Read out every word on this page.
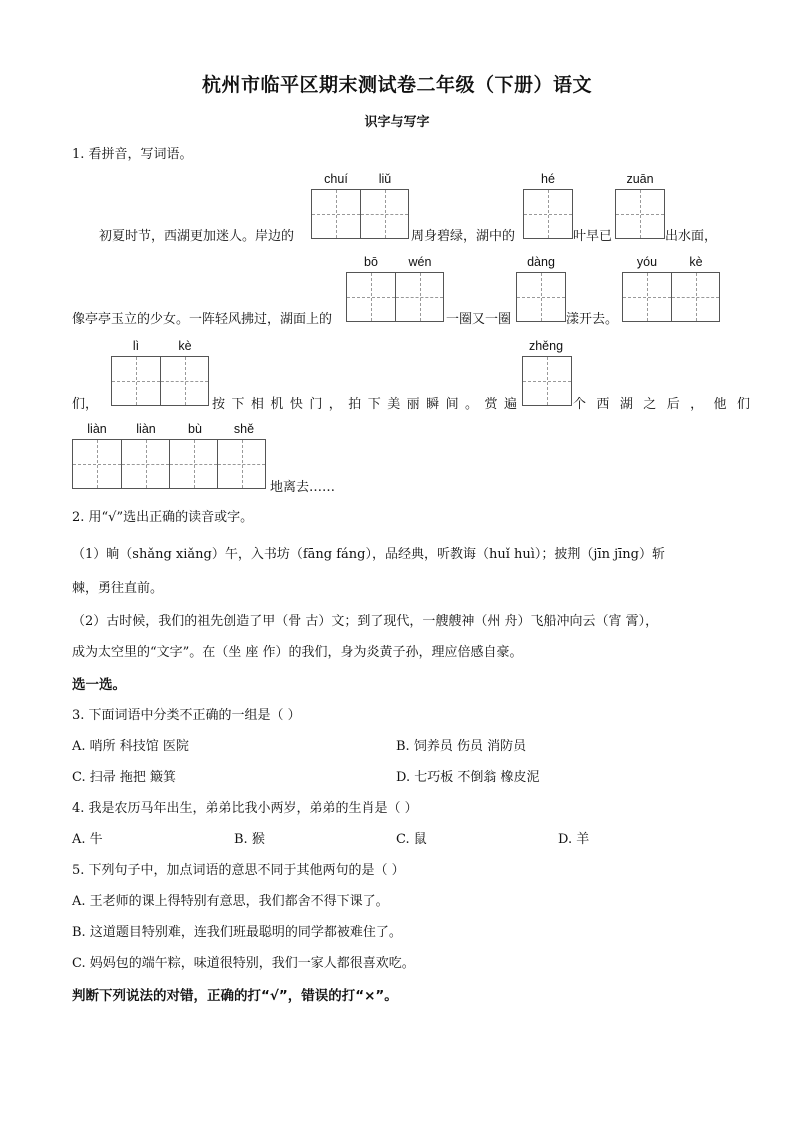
杭州市临平区期末测试卷二年级（下册）语文
识字与写字
1. 看拼音，写词语。
chuí	liǔ	hé	zuān
初夏时节，西湖更加迷人。岸边的	周身碧绿，湖中的	叶早已	出水面，
bō	wén	dàng	yóu	kè
像亭亭玉立的少女。一阵轻风拂过，湖面上的	一圈又一圈	漾开去。
lì	kè	zhěng
们，	按下相机快门，拍下美丽瞬间。赏遍	个西湖之后，他们
liàn	liàn	bù	shě
地离去……
2. 用“√”选出正确的读音或字。
（1）晌（shǎng xiǎng）午，入书坊（fāng fáng），品经典，听教诲（huǐ huì）；披荆（jīn jīng）斩
棘，勇往直前。
（2）古时候，我们的祖先创造了甲（骨 古）文；到了现代，一艘艘神（州 舟）飞船冲向云（宵 霄），
成为太空里的“文字”。在（坐 座 作）的我们，身为炎黄子孙，理应倍感自豪。
选一选。
3. 下面词语中分类不正确的一组是（ ）
A. 哨所 科技馆 医院	B. 饲养员 伤员 消防员
C. 扫帚 拖把 簸箕	D. 七巧板 不倒翁 橡皮泥
4. 我是农历马年出生，弟弟比我小两岁，弟弟的生肖是（ ）
A. 牛	B. 猴	C. 鼠	D. 羊
5. 下列句子中，加点词语的意思不同于其他两句的是（ ）
A. 王老师的课上得特别有意思，我们都舍不得下课了。
B. 这道题目特别难，连我们班最聪明的同学都被难住了。
C. 妈妈包的端午粽，味道很特别，我们一家人都很喜欢吃。
判断下列说法的对错，正确的打“√”，错误的打“×”。
